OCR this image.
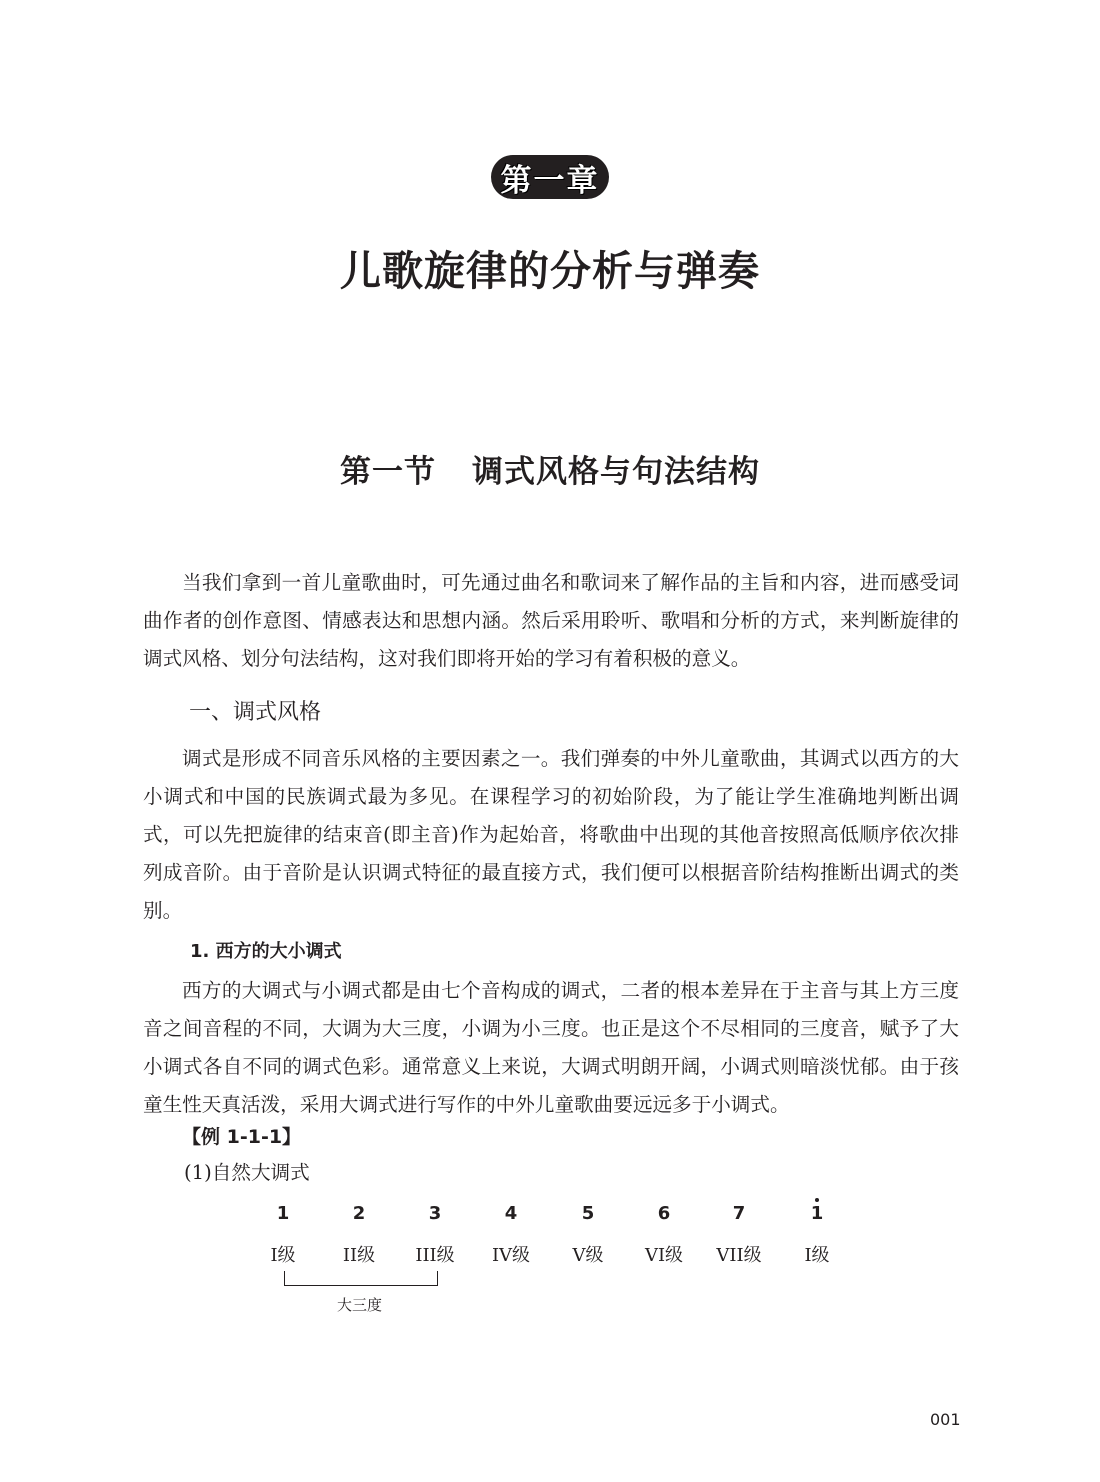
第一章
儿歌旋律的分析与弹奏
第一节 调式风格与句法结构

当我们拿到一首儿童歌曲时，可先通过曲名和歌词来了解作品的主旨和内容，进而感受词曲作者的创作意图、情感表达和思想内涵。然后采用聆听、歌唱和分析的方式，来判断旋律的调式风格、划分句法结构，这对我们即将开始的学习有着积极的意义。

一、调式风格

调式是形成不同音乐风格的主要因素之一。我们弹奏的中外儿童歌曲，其调式以西方的大小调式和中国的民族调式最为多见。在课程学习的初始阶段，为了能让学生准确地判断出调式，可以先把旋律的结束音(即主音)作为起始音，将歌曲中出现的其他音按照高低顺序依次排列成音阶。由于音阶是认识调式特征的最直接方式，我们便可以根据音阶结构推断出调式的类别。

1. 西方的大小调式

西方的大调式与小调式都是由七个音构成的调式，二者的根本差异在于主音与其上方三度音之间音程的不同，大调为大三度，小调为小三度。也正是这个不尽相同的三度音，赋予了大小调式各自不同的调式色彩。通常意义上来说，大调式明朗开阔，小调式则暗淡忧郁。由于孩童生性天真活泼，采用大调式进行写作的中外儿童歌曲要远远多于小调式。

【例 1-1-1】
(1)自然大调式
1	2	3	4	5	6	7	1
I级	II级 III级 IV级 V级 VI级 VII级 I级
大三度
001
